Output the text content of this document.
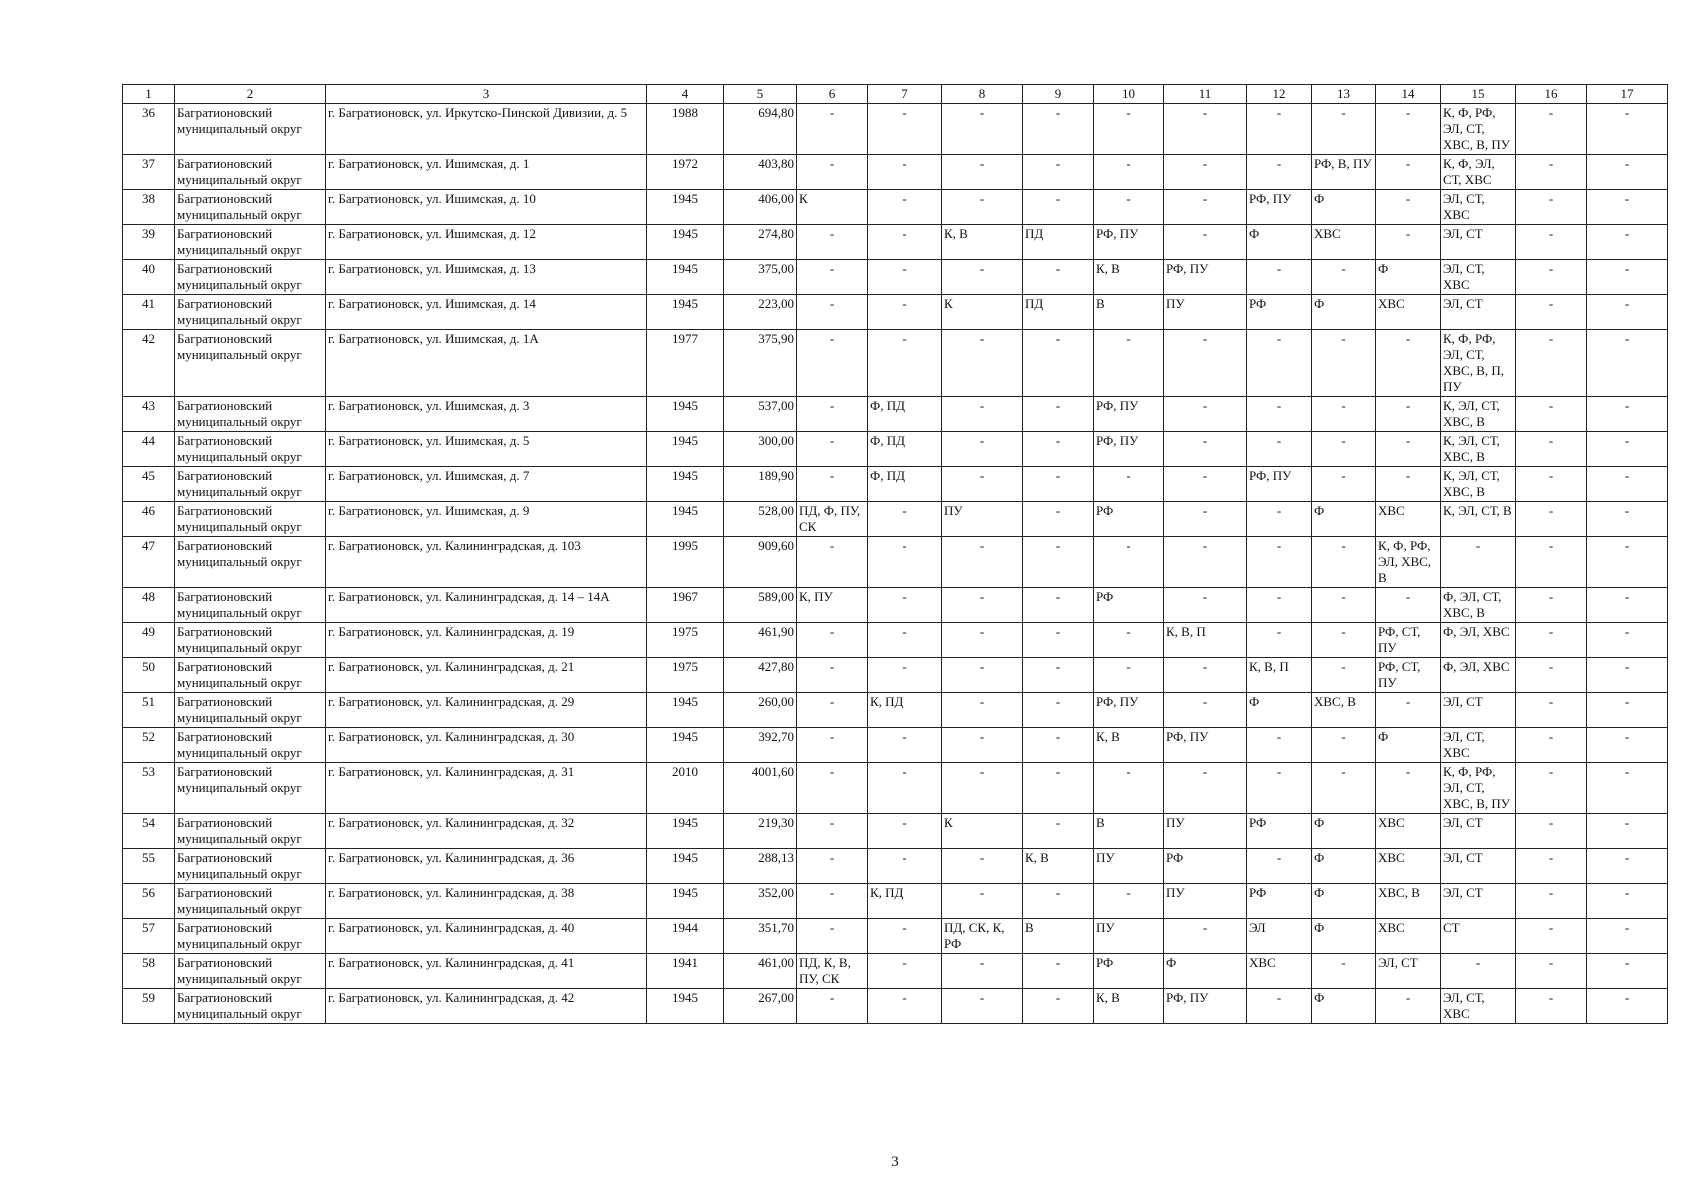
1	2	3	4	5	6	7	8	9	10	11	12	13	14	15	16	17
36	Багратионовский муниципальный округ	г. Багратионовск, ул. Иркутско-Пинской Дивизии, д. 5	1988	694,80	-	-	-	-	-	-	-	-	-	К, Ф, РФ, ЭЛ, СТ, ХВС, В, ПУ	-	-
37	Багратионовский муниципальный округ	г. Багратионовск, ул. Ишимская, д. 1	1972	403,80	-	-	-	-	-	-	-	РФ, В, ПУ	-	К, Ф, ЭЛ, СТ, ХВС	-	-
38	Багратионовский муниципальный округ	г. Багратионовск, ул. Ишимская, д. 10	1945	406,00	К	-	-	-	-	-	РФ, ПУ	Ф	-	ЭЛ, СТ, ХВС	-	-
39	Багратионовский муниципальный округ	г. Багратионовск, ул. Ишимская, д. 12	1945	274,80	-	-	К, В	ПД	РФ, ПУ	-	Ф	ХВС	-	ЭЛ, СТ	-	-
40	Багратионовский муниципальный округ	г. Багратионовск, ул. Ишимская, д. 13	1945	375,00	-	-	-	-	К, В	РФ, ПУ	-	-	Ф	ЭЛ, СТ, ХВС	-	-
41	Багратионовский муниципальный округ	г. Багратионовск, ул. Ишимская, д. 14	1945	223,00	-	-	К	ПД	В	ПУ	РФ	Ф	ХВС	ЭЛ, СТ	-	-
42	Багратионовский муниципальный округ	г. Багратионовск, ул. Ишимская, д. 1А	1977	375,90	-	-	-	-	-	-	-	-	-	К, Ф, РФ, ЭЛ, СТ, ХВС, В, П, ПУ	-	-
43	Багратионовский муниципальный округ	г. Багратионовск, ул. Ишимская, д. 3	1945	537,00	-	Ф, ПД	-	-	РФ, ПУ	-	-	-	-	К, ЭЛ, СТ, ХВС, В	-	-
44	Багратионовский муниципальный округ	г. Багратионовск, ул. Ишимская, д. 5	1945	300,00	-	Ф, ПД	-	-	РФ, ПУ	-	-	-	-	К, ЭЛ, СТ, ХВС, В	-	-
45	Багратионовский муниципальный округ	г. Багратионовск, ул. Ишимская, д. 7	1945	189,90	-	Ф, ПД	-	-	-	-	РФ, ПУ	-	-	К, ЭЛ, СТ, ХВС, В	-	-
46	Багратионовский муниципальный округ	г. Багратионовск, ул. Ишимская, д. 9	1945	528,00	ПД, Ф, ПУ, СК	-	ПУ	-	РФ	-	-	Ф	ХВС	К, ЭЛ, СТ, В	-	-
47	Багратионовский муниципальный округ	г. Багратионовск, ул. Калининградская, д. 103	1995	909,60	-	-	-	-	-	-	-	-	К, Ф, РФ, ЭЛ, ХВС, В	-	-	-
48	Багратионовский муниципальный округ	г. Багратионовск, ул. Калининградская, д. 14 – 14А	1967	589,00	К, ПУ	-	-	-	РФ	-	-	-	-	Ф, ЭЛ, СТ, ХВС, В	-	-
49	Багратионовский муниципальный округ	г. Багратионовск, ул. Калининградская, д. 19	1975	461,90	-	-	-	-	-	К, В, П	-	-	РФ, СТ, ПУ	Ф, ЭЛ, ХВС	-	-
50	Багратионовский муниципальный округ	г. Багратионовск, ул. Калининградская, д. 21	1975	427,80	-	-	-	-	-	-	К, В, П	-	РФ, СТ, ПУ	Ф, ЭЛ, ХВС	-	-
51	Багратионовский муниципальный округ	г. Багратионовск, ул. Калининградская, д. 29	1945	260,00	-	К, ПД	-	-	РФ, ПУ	-	Ф	ХВС, В	-	ЭЛ, СТ	-	-
52	Багратионовский муниципальный округ	г. Багратионовск, ул. Калининградская, д. 30	1945	392,70	-	-	-	-	К, В	РФ, ПУ	-	-	Ф	ЭЛ, СТ, ХВС	-	-
53	Багратионовский муниципальный округ	г. Багратионовск, ул. Калининградская, д. 31	2010	4001,60	-	-	-	-	-	-	-	-	-	К, Ф, РФ, ЭЛ, СТ, ХВС, В, ПУ	-	-
54	Багратионовский муниципальный округ	г. Багратионовск, ул. Калининградская, д. 32	1945	219,30	-	-	К	-	В	ПУ	РФ	Ф	ХВС	ЭЛ, СТ	-	-
55	Багратионовский муниципальный округ	г. Багратионовск, ул. Калининградская, д. 36	1945	288,13	-	-	-	К, В	ПУ	РФ	-	Ф	ХВС	ЭЛ, СТ	-	-
56	Багратионовский муниципальный округ	г. Багратионовск, ул. Калининградская, д. 38	1945	352,00	-	К, ПД	-	-	-	ПУ	РФ	Ф	ХВС, В	ЭЛ, СТ	-	-
57	Багратионовский муниципальный округ	г. Багратионовск, ул. Калининградская, д. 40	1944	351,70	-	-	ПД, СК, К, РФ	В	ПУ	-	ЭЛ	Ф	ХВС	СТ	-	-
58	Багратионовский муниципальный округ	г. Багратионовск, ул. Калининградская, д. 41	1941	461,00	ПД, К, В, ПУ, СК	-	-	-	РФ	Ф	ХВС	-	ЭЛ, СТ	-	-	-
59	Багратионовский муниципальный округ	г. Багратионовск, ул. Калининградская, д. 42	1945	267,00	-	-	-	-	К, В	РФ, ПУ	-	Ф	-	ЭЛ, СТ, ХВС	-	-
3
